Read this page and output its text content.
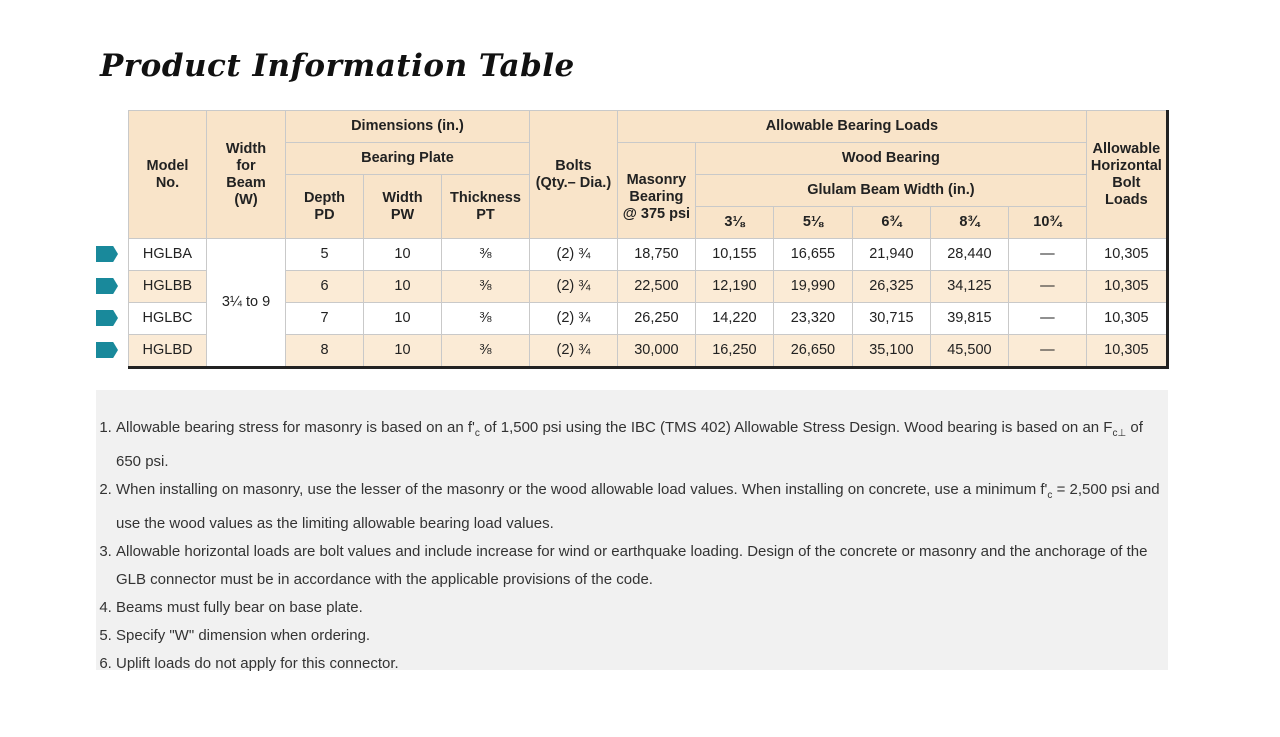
Product Information Table
Model No.	Width for Beam (W)	Dimensions (in.)			Bolts (Qty.– Dia.)	Allowable Bearing Loads						Allowable Horizontal Bolt Loads
		Bearing Plate				Masonry Bearing @ 375 psi	Wood Bearing					
		Depth PD	Width PW	Thickness PT			Glulam Beam Width (in.)					
							3⅛	5⅛	6¾	8¾	10¾	
HGLBA	3¼ to 9	5	10	⅜	(2) ¾	18,750	10,155	16,655	21,940	28,440	—	10,305
HGLBB		6	10	⅜	(2) ¾	22,500	12,190	19,990	26,325	34,125	—	10,305
HGLBC		7	10	⅜	(2) ¾	26,250	14,220	23,320	30,715	39,815	—	10,305
HGLBD		8	10	⅜	(2) ¾	30,000	16,250	26,650	35,100	45,500	—	10,305
1. Allowable bearing stress for masonry is based on an $f'_c$ of 1,500 psi using the IBC (TMS 402) Allowable Stress Design. Wood bearing is based on an $F_{c\perp}$ of 650 psi.
2. When installing on masonry, use the lesser of the masonry or the wood allowable load values. When installing on concrete, use a minimum $f'_c = 2,500$ psi and use the wood values as the limiting allowable bearing load values.
3. Allowable horizontal loads are bolt values and include increase for wind or earthquake loading. Design of the concrete or masonry and the anchorage of the GLB connector must be in accordance with the applicable provisions of the code.
4. Beams must fully bear on base plate.
5. Specify "W" dimension when ordering.
6. Uplift loads do not apply for this connector.
